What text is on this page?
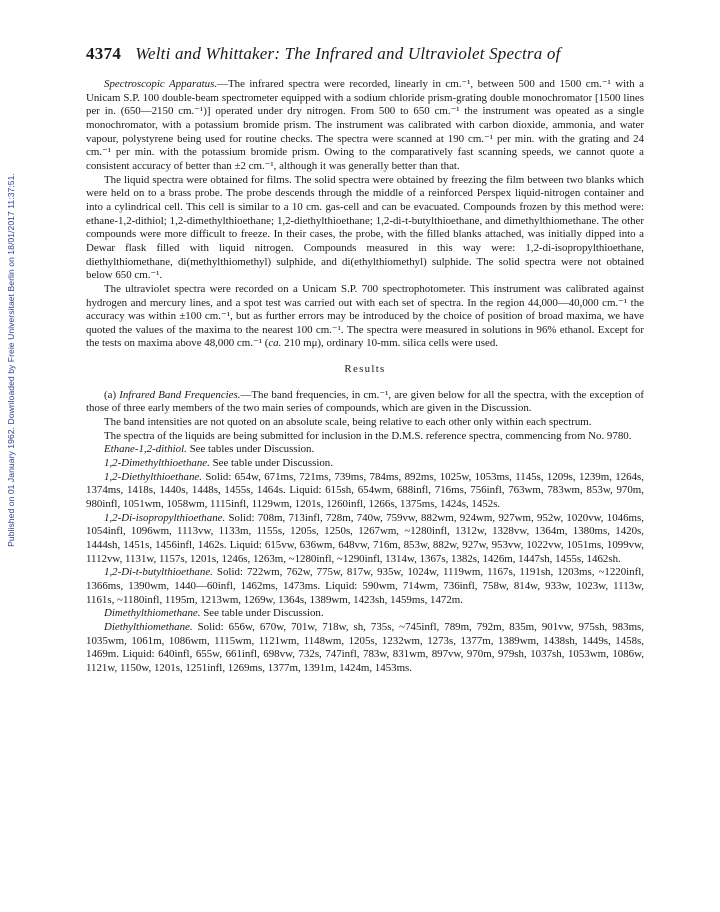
Published on 01 January 1962. Downloaded by Freie Universitaet Berlin on 18/01/2017 11:37:51.
4374 Welti and Whittaker: The Infrared and Ultraviolet Spectra of

Spectroscopic Apparatus.—The infrared spectra were recorded, linearly in cm.⁻¹, between 500 and 1500 cm.⁻¹ with a Unicam S.P. 100 double-beam spectrometer equipped with a sodium chloride prism-grating double monochromator [1500 lines per in. (650—2150 cm.⁻¹)] operated under dry nitrogen. From 500 to 650 cm.⁻¹ the instrument was opeated as a single monochromator, with a potassium bromide prism. The instrument was calibrated with carbon dioxide, ammonia, and water vapour, polystyrene being used for routine checks. The spectra were scanned at 190 cm.⁻¹ per min. with the grating and 24 cm.⁻¹ per min. with the potassium bromide prism. Owing to the comparatively fast scanning speeds, we cannot quote a consistent accuracy of better than ±2 cm.⁻¹, although it was generally better than that.

The liquid spectra were obtained for films. The solid spectra were obtained by freezing the film between two blanks which were held on to a brass probe. The probe descends through the middle of a reinforced Perspex liquid-nitrogen container and into a cylindrical cell. This cell is similar to a 10 cm. gas-cell and can be evacuated. Compounds frozen by this method were: ethane-1,2-dithiol; 1,2-dimethylthioethane; 1,2-diethylthioethane; 1,2-di-t-butylthioethane, and dimethylthiomethane. The other compounds were more difficult to freeze. In their cases, the probe, with the filled blanks attached, was initially dipped into a Dewar flask filled with liquid nitrogen. Compounds measured in this way were: 1,2-di-isopropylthioethane, diethylthiomethane, di(methylthiomethyl) sulphide, and di(ethylthiomethyl) sulphide. The solid spectra were not obtained below 650 cm.⁻¹.

The ultraviolet spectra were recorded on a Unicam S.P. 700 spectrophotometer. This instrument was calibrated against hydrogen and mercury lines, and a spot test was carried out with each set of spectra. In the region 44,000—40,000 cm.⁻¹ the accuracy was within ±100 cm.⁻¹, but as further errors may be introduced by the choice of position of broad maxima, we have quoted the values of the maxima to the nearest 100 cm.⁻¹. The spectra were measured in solutions in 96% ethanol. Except for the tests on maxima above 48,000 cm.⁻¹ (ca. 210 mμ), ordinary 10-mm. silica cells were used.

Results

(a) Infrared Band Frequencies.—The band frequencies, in cm.⁻¹, are given below for all the spectra, with the exception of those of three early members of the two main series of compounds, which are given in the Discussion.

The band intensities are not quoted on an absolute scale, being relative to each other only within each spectrum.

The spectra of the liquids are being submitted for inclusion in the D.M.S. reference spectra, commencing from No. 9780.

Ethane-1,2-dithiol. See tables under Discussion.

1,2-Dimethylthioethane. See table under Discussion.

1,2-Diethylthioethane. Solid: 654w, 671ms, 721ms, 739ms, 784ms, 892ms, 1025w, 1053ms, 1145s, 1209s, 1239m, 1264s, 1374ms, 1418s, 1440s, 1448s, 1455s, 1464s. Liquid: 615sh, 654wm, 688infl, 716ms, 756infl, 763wm, 783wm, 853w, 970m, 980infl, 1051wm, 1058wm, 1115infl, 1129wm, 1201s, 1260infl, 1266s, 1375ms, 1424s, 1452s.

1,2-Di-isopropylthioethane. Solid: 708m, 713infl, 728m, 740w, 759vw, 882wm, 924wm, 927wm, 952w, 1020vw, 1046ms, 1054infl, 1096wm, 1113vw, 1133m, 1155s, 1205s, 1250s, 1267wm, ~1280infl, 1312w, 1328vw, 1364m, 1380ms, 1420s, 1444sh, 1451s, 1456infl, 1462s. Liquid: 615vw, 636wm, 648vw, 716m, 853w, 882w, 927w, 953vw, 1022vw, 1051ms, 1099vw, 1112vw, 1131w, 1157s, 1201s, 1246s, 1263m, ~1280infl, ~1290infl, 1314w, 1367s, 1382s, 1426m, 1447sh, 1455s, 1462sh.

1,2-Di-t-butylthioethane. Solid: 722wm, 762w, 775w, 817w, 935w, 1024w, 1119wm, 1167s, 1191sh, 1203ms, ~1220infl, 1366ms, 1390wm, 1440—60infl, 1462ms, 1473ms. Liquid: 590wm, 714wm, 736infl, 758w, 814w, 933w, 1023w, 1113w, 1161s, ~1180infl, 1195m, 1213wm, 1269w, 1364s, 1389wm, 1423sh, 1459ms, 1472m.

Dimethylthiomethane. See table under Discussion.

Diethylthiomethane. Solid: 656w, 670w, 701w, 718w, sh, 735s, ~745infl, 789m, 792m, 835m, 901vw, 975sh, 983ms, 1035wm, 1061m, 1086wm, 1115wm, 1121wm, 1148wm, 1205s, 1232wm, 1273s, 1377m, 1389wm, 1438sh, 1449s, 1458s, 1469m. Liquid: 640infl, 655w, 661infl, 698vw, 732s, 747infl, 783w, 831wm, 897vw, 970m, 979sh, 1037sh, 1053wm, 1086w, 1121w, 1150w, 1201s, 1251infl, 1269ms, 1377m, 1391m, 1424m, 1453ms.
